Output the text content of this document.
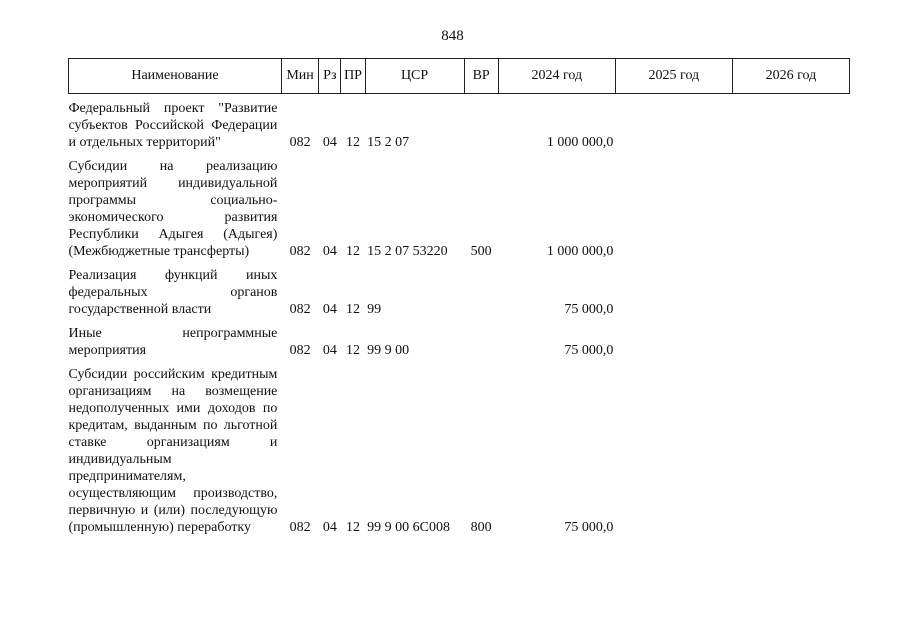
848
Наименование	Мин	Рз	ПР	ЦСР	ВР	2024 год	2025 год	2026 год
Федеральный проект "Развитие субъектов Российской Федерации и отдельных территорий"	082	04	12	15 2 07		1 000 000,0		
Субсидии на реализацию мероприятий индивидуальной программы социально-экономического развития Республики Адыгея (Адыгея) (Межбюджетные трансферты)	082	04	12	15 2 07 53220	500	1 000 000,0		
Реализация функций иных федеральных органов государственной власти	082	04	12	99		75 000,0		
Иные непрограммные мероприятия	082	04	12	99 9 00		75 000,0		
Субсидии российским кредитным организациям на возмещение недополученных ими доходов по кредитам, выданным по льготной ставке организациям и индивидуальным предпринимателям, осуществляющим производство, первичную и (или) последующую (промышленную) переработку	082	04	12	99 9 00 6С008	800	75 000,0		
